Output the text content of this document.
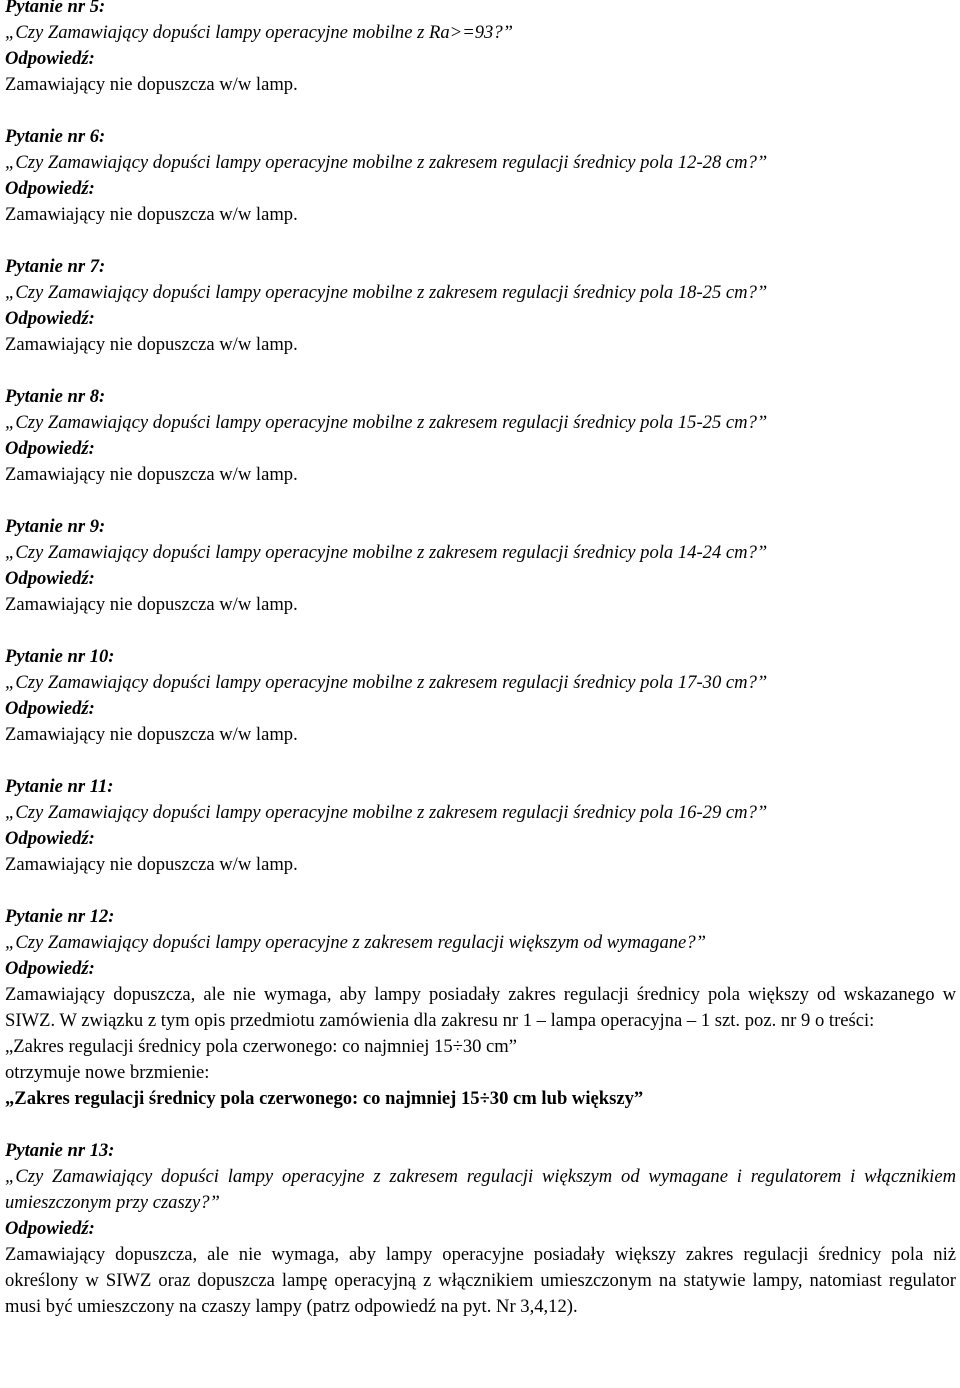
Pytanie nr 5:
„Czy Zamawiający dopuści lampy operacyjne mobilne z Ra>=93?”
Odpowiedź:
Zamawiający nie dopuszcza w/w lamp.
Pytanie nr 6:
„Czy Zamawiający dopuści lampy operacyjne mobilne z zakresem regulacji średnicy pola 12-28 cm?”
Odpowiedź:
Zamawiający nie dopuszcza w/w lamp.
Pytanie nr 7:
„Czy Zamawiający dopuści lampy operacyjne mobilne z zakresem regulacji średnicy pola 18-25 cm?”
Odpowiedź:
Zamawiający nie dopuszcza w/w lamp.
Pytanie nr 8:
„Czy Zamawiający dopuści lampy operacyjne mobilne z zakresem regulacji średnicy pola 15-25 cm?”
Odpowiedź:
Zamawiający nie dopuszcza w/w lamp.
Pytanie nr 9:
„Czy Zamawiający dopuści lampy operacyjne mobilne z zakresem regulacji średnicy pola 14-24 cm?”
Odpowiedź:
Zamawiający nie dopuszcza w/w lamp.
Pytanie nr 10:
„Czy Zamawiający dopuści lampy operacyjne mobilne z zakresem regulacji średnicy pola 17-30 cm?”
Odpowiedź:
Zamawiający nie dopuszcza w/w lamp.
Pytanie nr 11:
„Czy Zamawiający dopuści lampy operacyjne mobilne z zakresem regulacji średnicy pola 16-29 cm?”
Odpowiedź:
Zamawiający nie dopuszcza w/w lamp.
Pytanie nr 12:
„Czy Zamawiający dopuści lampy operacyjne z zakresem regulacji większym od wymagane?”
Odpowiedź:
Zamawiający dopuszcza, ale nie wymaga, aby lampy posiadały zakres regulacji średnicy pola większy od wskazanego w SIWZ. W związku z tym opis przedmiotu zamówienia dla zakresu nr 1 – lampa operacyjna – 1 szt. poz. nr 9 o treści:
„Zakres regulacji średnicy pola czerwonego: co najmniej 15÷30 cm”
otrzymuje nowe brzmienie:
„Zakres regulacji średnicy pola czerwonego: co najmniej 15÷30 cm lub większy”
Pytanie nr 13:
„Czy Zamawiający dopuści lampy operacyjne z zakresem regulacji większym od wymagane i regulatorem i włącznikiem umieszczonym przy czaszy?”
Odpowiedź:
Zamawiający dopuszcza, ale nie wymaga, aby lampy operacyjne posiadały większy zakres regulacji średnicy pola niż określony w SIWZ oraz dopuszcza lampę operacyjną z włącznikiem umieszczonym na statywie lampy, natomiast regulator musi być umieszczony na czaszy lampy (patrz odpowiedź na pyt. Nr 3,4,12).
